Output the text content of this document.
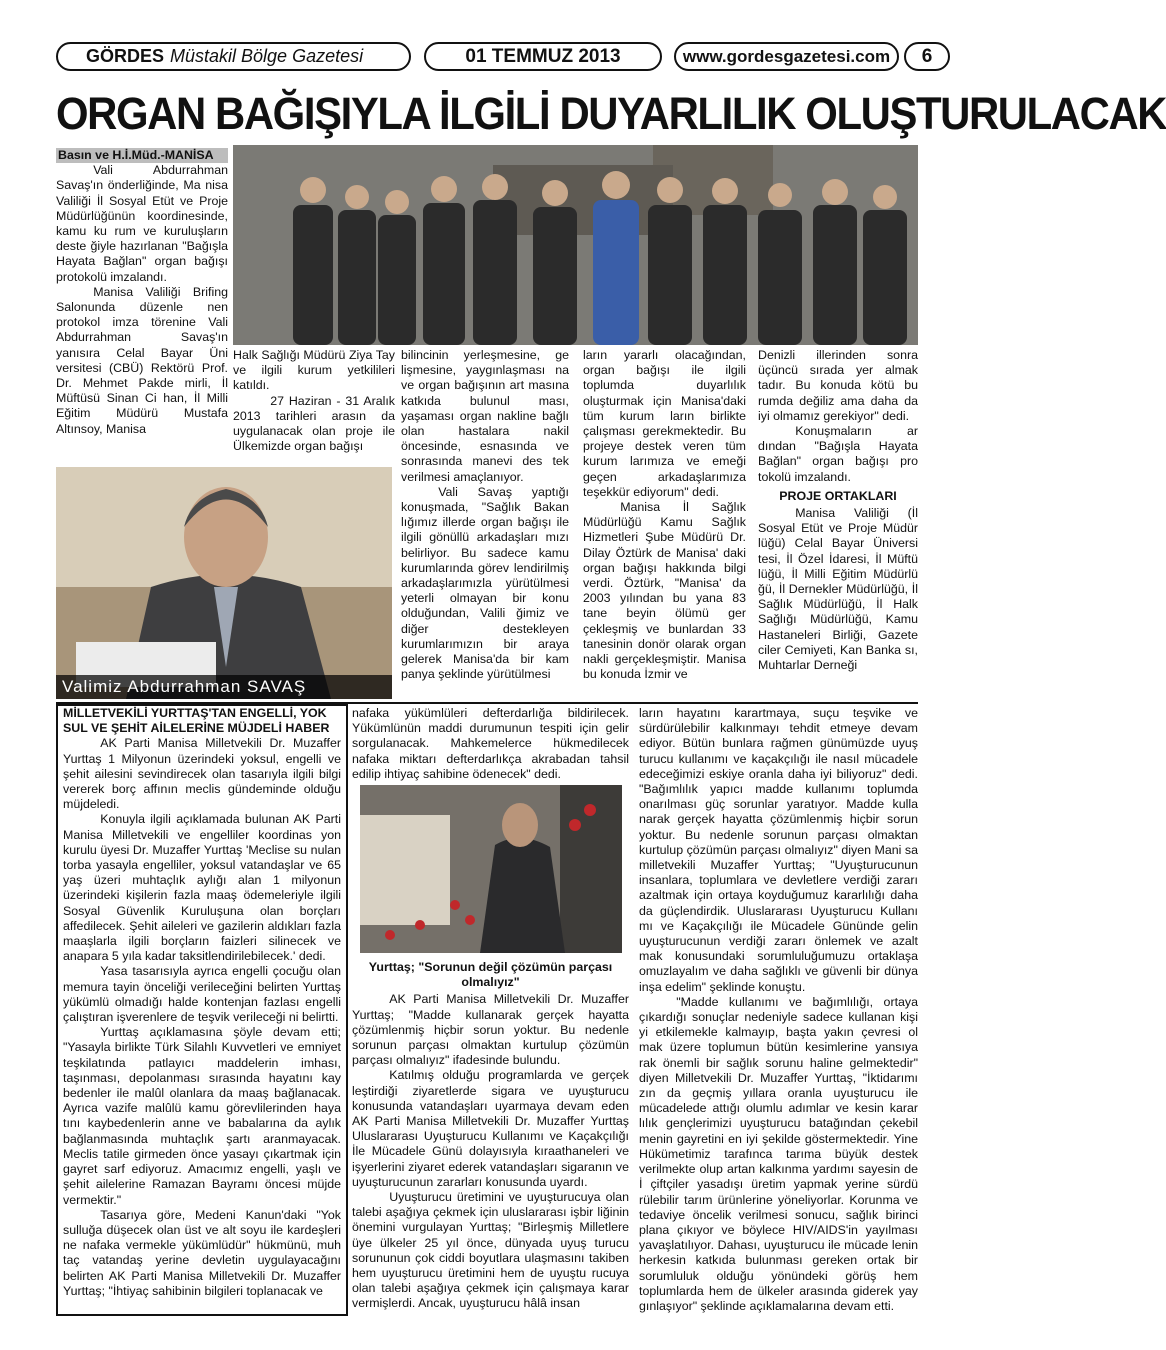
GÖRDES Müstakil Bölge Gazetesi	01 TEMMUZ 2013	www.gordesgazetesi.com	6
ORGAN BAĞIŞIYLA İLGİLİ DUYARLILIK OLUŞTURULACAK

Basın ve H.İ.Müd.-MANİSA

Vali Abdurrahman Savaş'ın önderliğinde, Ma nisa Valiliği İl Sosyal Etüt ve Proje Müdürlüğünün koordinesinde, kamu ku rum ve kuruluşların deste ğiyle hazırlanan "Bağışla Hayata Bağlan" organ bağışı protokolü imzalandı.

Manisa Valiliği Brifing Salonunda düzenle nen protokol imza törenine Vali Abdurrahman Savaş'ın yanısıra Celal Bayar Üni versitesi (CBÜ) Rektörü Prof. Dr. Mehmet Pakde mirli, İl Müftüsü Sinan Ci han, İl Milli Eğitim Müdürü Mustafa Altınsoy, Manisa

Halk Sağlığı Müdürü Ziya Tay ve ilgili kurum yetkilileri katıldı.

27 Haziran - 31 Aralık 2013 tarihleri arasın da uygulanacak olan proje ile Ülkemizde organ bağışı

bilincinin yerleşmesine, ge lişmesine, yaygınlaşması na ve organ bağışının art masına katkıda bulunul ması, yaşaması organ nakline bağlı olan hastalara nakil öncesinde, esnasında ve sonrasında manevi des tek verilmesi amaçlanıyor.

Vali Savaş yaptığı konuşmada, "Sağlık Bakan lığımız illerde organ bağışı ile ilgili gönüllü arkadaşları mızı belirliyor. Bu sadece kamu kurumlarında görev lendirilmiş arkadaşlarımızla yürütülmesi yeterli olmayan bir konu olduğundan, Valili ğimiz ve diğer destekleyen kurumlarımızın bir araya gelerek Manisa'da bir kam panya şeklinde yürütülmesi

ların yararlı olacağından, organ bağışı ile ilgili toplumda duyarlılık oluşturmak için Manisa'daki tüm kurum ların birlikte çalışması gerekmektedir. Bu projeye destek veren tüm kurum larımıza ve emeği geçen arkadaşlarımıza teşekkür ediyorum" dedi.

Manisa İl Sağlık Müdürlüğü Kamu Sağlık Hizmetleri Şube Müdürü Dr. Dilay Öztürk de Manisa' daki organ bağışı hakkında bilgi verdi. Öztürk, "Manisa' da 2003 yılından bu yana 83 tane beyin ölümü ger çekleşmiş ve bunlardan 33 tanesinin donör olarak organ nakli gerçekleşmiştir. Manisa bu konuda İzmir ve

Denizli illerinden sonra üçüncü sırada yer almak tadır. Bu konuda kötü bu rumda değiliz ama daha da iyi olmamız gerekiyor" dedi.

Konuşmaların ar dından "Bağışla Hayata Bağlan" organ bağışı pro tokolü imzalandı.

PROJE ORTAKLARI

Manisa Valiliği (İl Sosyal Etüt ve Proje Müdür lüğü) Celal Bayar Üniversi tesi, İl Özel İdaresi, İl Müftü lüğü, İl Milli Eğitim Müdürlü ğü, İl Dernekler Müdürlüğü, İl Sağlık Müdürlüğü, İl Halk Sağlığı Müdürlüğü, Kamu Hastaneleri Birliği, Gazete ciler Cemiyeti, Kan Banka sı, Muhtarlar Derneği

Valimiz Abdurrahman SAVAŞ

MİLLETVEKİLİ YURTTAŞ'TAN ENGELLİ, YOK SUL VE ŞEHİT AİLELERİNE MÜJDELİ HABER

AK Parti Manisa Milletvekili Dr. Muzaffer Yurttaş 1 Milyonun üzerindeki yoksul, engelli ve şehit ailesini sevindirecek olan tasarıyla ilgili bilgi vererek borç affının meclis gündeminde olduğu müjdeledi.

Konuyla ilgili açıklamada bulunan AK Parti Manisa Milletvekili ve engelliler koordinas yon kurulu üyesi Dr. Muzaffer Yurttaş 'Meclise su nulan torba yasayla engelliler, yoksul vatandaşlar ve 65 yaş üzeri muhtaçlık aylığı alan 1 milyonun üzerindeki kişilerin fazla maaş ödemeleriyle ilgili Sosyal Güvenlik Kuruluşuna olan borçları affedilecek. Şehit aileleri ve gazilerin aldıkları fazla maaşlarla ilgili borçların faizleri silinecek ve anapara 5 yıla kadar taksitlendirilebilecek.' dedi.

Yasa tasarısıyla ayrıca engelli çocuğu olan memura tayin önceliği verileceğini belirten Yurttaş yükümlü olmadığı halde kontenjan fazlası engelli çalıştıran işverenlere de teşvik verileceği ni belirtti.

Yurttaş açıklamasına şöyle devam etti; "Yasayla birlikte Türk Silahlı Kuvvetleri ve emniyet teşkilatında patlayıcı maddelerin imhası, taşınması, depolanması sırasında hayatını kay bedenler ile malûl olanlara da maaş bağlanacak. Ayrıca vazife malûlü kamu görevlilerinden haya tını kaybedenlerin anne ve babalarına da aylık bağlanmasında muhtaçlık şartı aranmayacak. Meclis tatile girmeden önce yasayı çıkartmak için gayret sarf ediyoruz. Amacımız engelli, yaşlı ve şehit ailelerine Ramazan Bayramı öncesi müjde vermektir."

Tasarıya göre, Medeni Kanun'daki "Yok sulluğa düşecek olan üst ve alt soyu ile kardeşleri ne nafaka vermekle yükümlüdür" hükmünü, muh taç vatandaş yerine devletin uygulayacağını belirten AK Parti Manisa Milletvekili Dr. Muzaffer Yurttaş; "İhtiyaç sahibinin bilgileri toplanacak ve

nafaka yükümlüleri defterdarlığa bildirilecek. Yükümlünün maddi durumunun tespiti için gelir sorgulanacak. Mahkemelerce hükmedilecek nafaka miktarı defterdarlıkça akrabadan tahsil edilip ihtiyaç sahibine ödenecek" dedi.

Yurttaş; "Sorunun değil çözümün parçası olmalıyız"

AK Parti Manisa Milletvekili Dr. Muzaffer Yurttaş; "Madde kullanarak gerçek hayatta çözümlenmiş hiçbir sorun yoktur. Bu nedenle sorunun parçası olmaktan kurtulup çözümün parçası olmalıyız" ifadesinde bulundu.

Katılmış olduğu programlarda ve gerçek leştirdiği ziyaretlerde sigara ve uyuşturucu konusunda vatandaşları uyarmaya devam eden AK Parti Manisa Milletvekili Dr. Muzaffer Yurttaş Uluslararası Uyuşturucu Kullanımı ve Kaçakçılığı İle Mücadele Günü dolayısıyla kıraathaneleri ve işyerlerini ziyaret ederek vatandaşları sigaranın ve uyuşturucunun zararları konusunda uyardı.

Uyuşturucu üretimini ve uyuşturucuya olan talebi aşağıya çekmek için uluslararası işbir liğinin önemini vurgulayan Yurttaş; "Birleşmiş Milletlere üye ülkeler 25 yıl önce, dünyada uyuş turucu sorununun çok ciddi boyutlara ulaşmasını takiben hem uyuşturucu üretimini hem de uyuştu rucuya olan talebi aşağıya çekmek için çalışmaya karar vermişlerdi. Ancak, uyuşturucu hâlâ insan

ların hayatını karartmaya, suçu teşvike ve sürdürülebilir kalkınmayı tehdit etmeye devam ediyor. Bütün bunlara rağmen günümüzde uyuş turucu kullanımı ve kaçakçılığı ile nasıl mücadele edeceğimizi eskiye oranla daha iyi biliyoruz" dedi. "Bağımlılık yapıcı madde kullanımı toplumda onarılması güç sorunlar yaratıyor. Madde kulla narak gerçek hayatta çözümlenmiş hiçbir sorun yoktur. Bu nedenle sorunun parçası olmaktan kurtulup çözümün parçası olmalıyız" diyen Mani sa milletvekili Muzaffer Yurttaş; "Uyuşturucunun insanlara, toplumlara ve devletlere verdiği zararı azaltmak için ortaya koyduğumuz kararlılığı daha da güçlendirdik. Uluslararası Uyuşturucu Kullanı mı ve Kaçakçılığı ile Mücadele Gününde gelin uyuşturucunun verdiği zararı önlemek ve azalt mak konusundaki sorumluluğumuzu ortaklaşa omuzlayalım ve daha sağlıklı ve güvenli bir dünya inşa edelim" şeklinde konuştu.

"Madde kullanımı ve bağımlılığı, ortaya çıkardığı sonuçlar nedeniyle sadece kullanan kişi yi etkilemekle kalmayıp, başta yakın çevresi ol mak üzere toplumun bütün kesimlerine yansıya rak önemli bir sağlık sorunu haline gelmektedir" diyen Milletvekili Dr. Muzaffer Yurttaş, "İktidarımı zın da geçmiş yıllara oranla uyuşturucu ile mücadelede attığı olumlu adımlar ve kesin karar lılık gençlerimizi uyuşturucu batağından çekebil menin gayretini en iyi şekilde göstermektedir. Yine Hükümetimiz tarafınca tarıma büyük destek verilmekte olup artan kalkınma yardımı sayesin de İ çiftçiler yasadışı üretim yapmak yerine sürdü rülebilir tarım ürünlerine yöneliyorlar. Korunma ve tedaviye öncelik verilmesi sonucu, sağlık birinci plana çıkıyor ve böylece HIV/AIDS'in yayılması yavaşlatılıyor. Dahası, uyuşturucu ile mücade lenin herkesin katkıda bulunması gereken ortak bir sorumluluk olduğu yönündeki görüş hem toplumlarda hem de ülkeler arasında giderek yay gınlaşıyor" şeklinde açıklamalarına devam etti.
